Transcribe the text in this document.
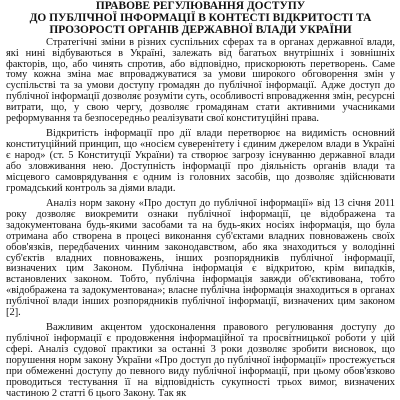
ПРАВОВЕ РЕГУЛЮВАННЯ ДОСТУПУ
ДО ПУБЛІЧНОЇ ІНФОРМАЦІЇ В КОНТЕСТІ ВІДКРИТОСТІ ТА
ПРОЗОРОСТІ ОРГАНІВ ДЕРЖАВНОЇ ВЛАДИ УКРАЇНИ

Стратегічні зміни в різних суспільних сферах та в органах державної влади, які нині відбуваються в Україні, залежать від багатьох внутрішніх і зовнішніх факторів, що, або чинять спротив, або відповідно, прискорюють перетворень. Саме тому кожна зміна має впроваджуватися за умови широкого обговорення змін у суспільстві та за умови доступу громадян до публічної інформації. Адже доступ до публічної інформації дозволяє розуміти суть, особливості впровадження змін, ресурсні витрати, що, у свою чергу, дозволяє громадянам стати активними учасниками реформування та безпосередньо реалізувати свої конституційні права.

Відкритість інформації про дії влади перетворює на видимість основний конституційний принцип, що «носієм суверенітету і єдиним джерелом влади в Україні є народ» (ст. 5 Конституції України) та створює загрозу існуванню державної влади або зловживання нею. Доступність інформації про діяльність органів влади та місцевого самоврядування є одним із головних засобів, що дозволяє здійснювати громадський контроль за діями влади.

Аналіз норм закону «Про доступ до публічної інформації» від 13 січня 2011 року дозволяє виокремити ознаки публічної інформації, це відображена та задокументована будь-якими засобами та на будь-яких носіях інформація, що була отримана або створена в процесі виконання суб'єктами владних повноважень своїх обов'язків, передбачених чинним законодавством, або яка знаходиться у володінні суб'єктів владних повноважень, інших розпорядників публічної інформації, визначених цим Законом. Публічна інформація є відкритою, крім випадків, встановлених законом. Тобто, публічна інформація завжди об'єктивована, тобто «відображена та задокументована»; власне публічна інформація знаходиться в органах публічної влади інших розпорядників публічної інформації, визначених цим законом [2].

Важливим акцентом удосконалення правового регулювання доступу до публічної інформації є продовження інформаційної та просвітницької роботи у цій сфері. Аналіз судової практики за останні 3 роки дозволяє зробити висновок, що порушення норм закону України «Про доступ до публічної інформації» простежується при обмеженні доступу до певного виду публічної інформації, при цьому обов'язково проводиться тестування її на відповідність сукупності трьох вимог, визначених частиною 2 статті 6 цього Закону. Так як
